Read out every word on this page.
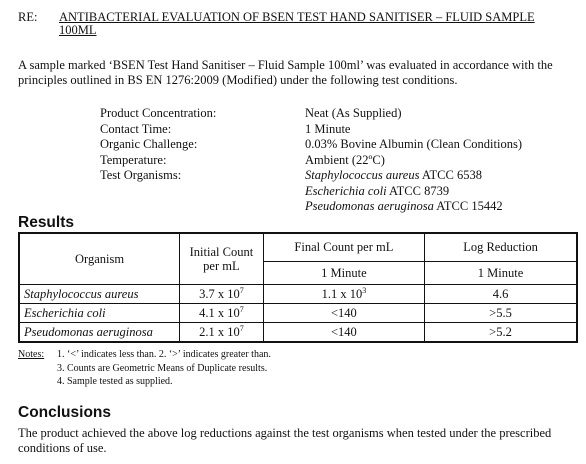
RE: ANTIBACTERIAL EVALUATION OF BSEN TEST HAND SANITISER – FLUID SAMPLE 100ML
A sample marked ‘BSEN Test Hand Sanitiser – Fluid Sample 100ml’ was evaluated in accordance with the principles outlined in BS EN 1276:2009 (Modified) under the following test conditions.
Product Concentration:	Neat (As Supplied)
Contact Time:	1 Minute
Organic Challenge:	0.03% Bovine Albumin (Clean Conditions)
Temperature:	Ambient (22ºC)
Test Organisms:	Staphylococcus aureus ATCC 6538
Escherichia coli ATCC 8739
Pseudomonas aeruginosa ATCC 15442
Results
Organism	Initial Count per mL	Final Count per mL	Log Reduction
		1 Minute	1 Minute
Staphylococcus aureus	3.7 x $10^7$	1.1 x $10^3$	4.6
Escherichia coli	4.1 x $10^7$	<140	>5.5
Pseudomonas aeruginosa	2.1 x $10^7$	<140	>5.2
Notes: 1. ‘<’ indicates less than. 2. ‘>’ indicates greater than.
3. Counts are Geometric Means of Duplicate results.
4. Sample tested as supplied.
Conclusions
The product achieved the above log reductions against the test organisms when tested under the prescribed conditions of use.
